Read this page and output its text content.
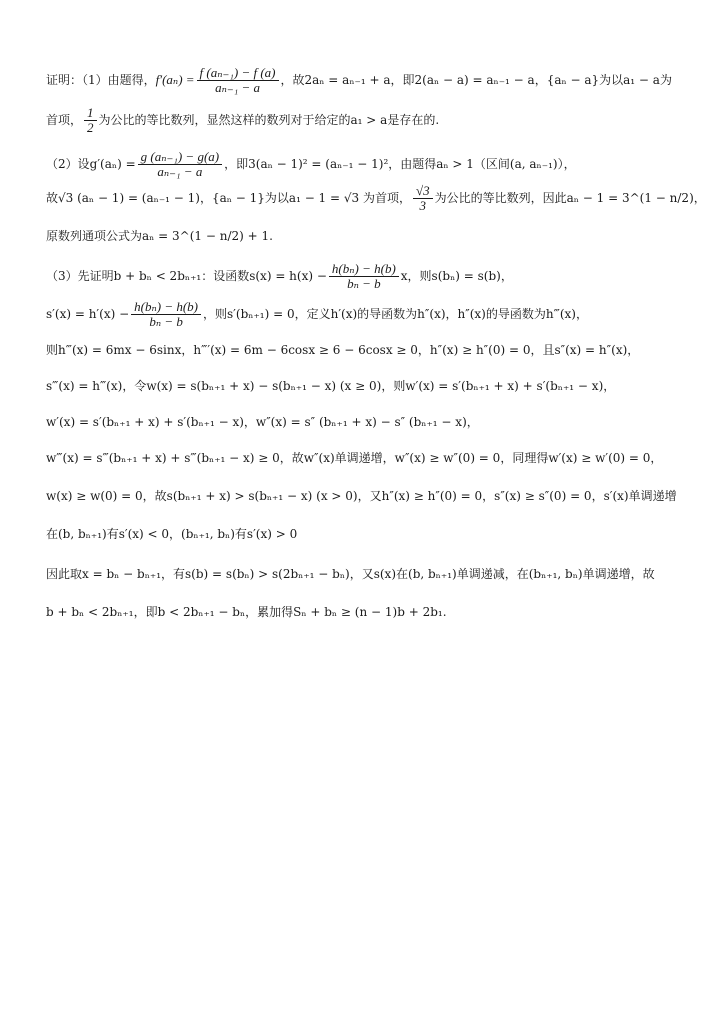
证明：（1）由题得，$f'(a_n) = \frac{\text{f (aₙ₋₁) − f (a)}}{\text{aₙ₋₁ − a}}$ ，故2aₙ = aₙ₋₁ + a，即2(aₙ − a) = aₙ₋₁ − a，{aₙ − a}为以a₁ − a为
首项， $\frac{1}{2}$ 为公比的等比数列，显然这样的数列对于给定的a₁ > a是存在的.
（2）设$g'(a_n) = \frac{\text{g (aₙ₋₁) − g(a)}}{\text{aₙ₋₁ − a}}$ ，即3(aₙ − 1)² = (aₙ₋₁ − 1)²，由题得aₙ > 1（区间(a, aₙ₋₁)），
故√3 (aₙ − 1) = (aₙ₋₁ − 1)，{aₙ − 1}为以a₁ − 1 = √3 为首项， $\frac{√3}{3}$ 为公比的等比数列，因此aₙ − 1 = 3^(1 − n/2)，
原数列通项公式为aₙ = 3^(1 − n/2) + 1.
（3）先证明b + bₙ < 2bₙ₊₁：设函数$s(x) = h(x) - \frac{\text{h(bₙ) − h(b)}}{\text{bₙ − b}}$ x，则s(bₙ) = s(b)，
$s'(x) = h'(x) - \frac{\text{h(bₙ) − h(b)}}{\text{bₙ − b}}$ ，则s′(bₙ₊₁) = 0，定义h′(x)的导函数为h″(x)，h″(x)的导函数为h‴(x)，
则h‴(x) = 6mx − 6sinx，h‴′(x) = 6m − 6cosx ≥ 6 − 6cosx ≥ 0，h″(x) ≥ h″(0) = 0，且s″(x) = h″(x)，
s‴(x) = h‴(x)，令w(x) = s(bₙ₊₁ + x) − s(bₙ₊₁ − x) (x ≥ 0)，则w′(x) = s′(bₙ₊₁ + x) + s′(bₙ₊₁ − x)，
w′(x) = s′(bₙ₊₁ + x) + s′(bₙ₊₁ − x)，w″(x) = s″ (bₙ₊₁ + x) − s″ (bₙ₊₁ − x)，
w‴(x) = s‴(bₙ₊₁ + x) + s‴(bₙ₊₁ − x) ≥ 0，故w″(x)单调递增，w″(x) ≥ w″(0) = 0，同理得w′(x) ≥ w′(0) = 0，
w(x) ≥ w(0) = 0，故s(bₙ₊₁ + x) > s(bₙ₊₁ − x) (x > 0)，又h″(x) ≥ h″(0) = 0，s″(x) ≥ s″(0) = 0，s′(x)单调递增
在(b, bₙ₊₁)有s′(x) < 0，(bₙ₊₁, bₙ)有s′(x) > 0
因此取x = bₙ − bₙ₊₁，有s(b) = s(bₙ) > s(2bₙ₊₁ − bₙ)，又s(x)在(b, bₙ₊₁)单调递减，在(bₙ₊₁, bₙ)单调递增，故
b + bₙ < 2bₙ₊₁，即b < 2bₙ₊₁ − bₙ，累加得Sₙ + bₙ ≥ (n − 1)b + 2b₁.
